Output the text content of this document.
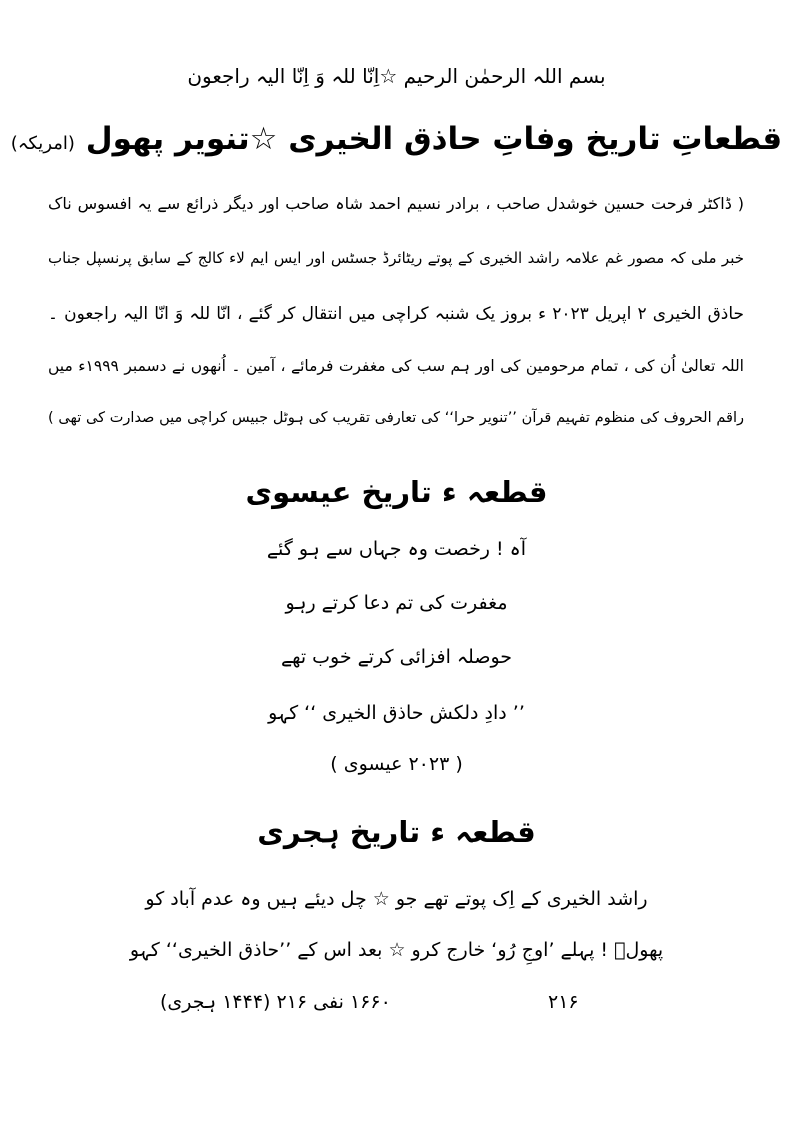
بسم اللہ الرحمٰن الرحیم ☆اِنّا للہ وَ اِنّا الیہ راجعون
قطعاتِ تاریخ وفاتِ حاذق الخیری ☆تنویر پھول (امریکہ)
( ڈاکٹر فرحت حسین خوشدل صاحب ، برادر نسیم احمد شاہ صاحب اور دیگر ذرائع سے یہ افسوس ناک
خبر ملی کہ مصور غم علامہ راشد الخیری کے پوتے ریٹائرڈ جسٹس اور ایس ایم لاء کالج کے سابق پرنسپل جناب
حاذق الخیری ۲ اپریل ۲۰۲۳ ء بروز یک شنبہ کراچی میں انتقال کر گئے ، انّا للہ وَ انّا الیہ راجعون ۔
اللہ تعالیٰ اُن کی ، تمام مرحومین کی اور ہم سب کی مغفرت فرمائے ، آمین ۔ اُنھوں نے دسمبر ۱۹۹۹ء میں
راقم الحروف کی منظوم تفہیم قرآن ’’تنویر حرا‘‘ کی تعارفی تقریب کی ہوٹل جبیس کراچی میں صدارت کی تھی )
قطعہ ء تاریخ عیسوی
آہ ! رخصت وہ جہاں سے ہو گئے
مغفرت کی تم دعا کرتے رہو
حوصلہ افزائی کرتے خوب تھے
’’ دادِ دلکش حاذق الخیری ‘‘ کہو
( ۲۰۲۳ عیسوی )
قطعہ ء تاریخ ہجری
راشد الخیری کے اِک پوتے تھے جو ☆ چل دیئے ہیں وہ عدم آباد کو
پھولؔ ! پہلے ’اوجِ رُو‘ خارج کرو ☆ بعد اس کے ’’حاذق الخیری‘‘ کہو
۲۱۶
۱۶۶۰ نفی ۲۱۶ (۱۴۴۴ ہجری)
